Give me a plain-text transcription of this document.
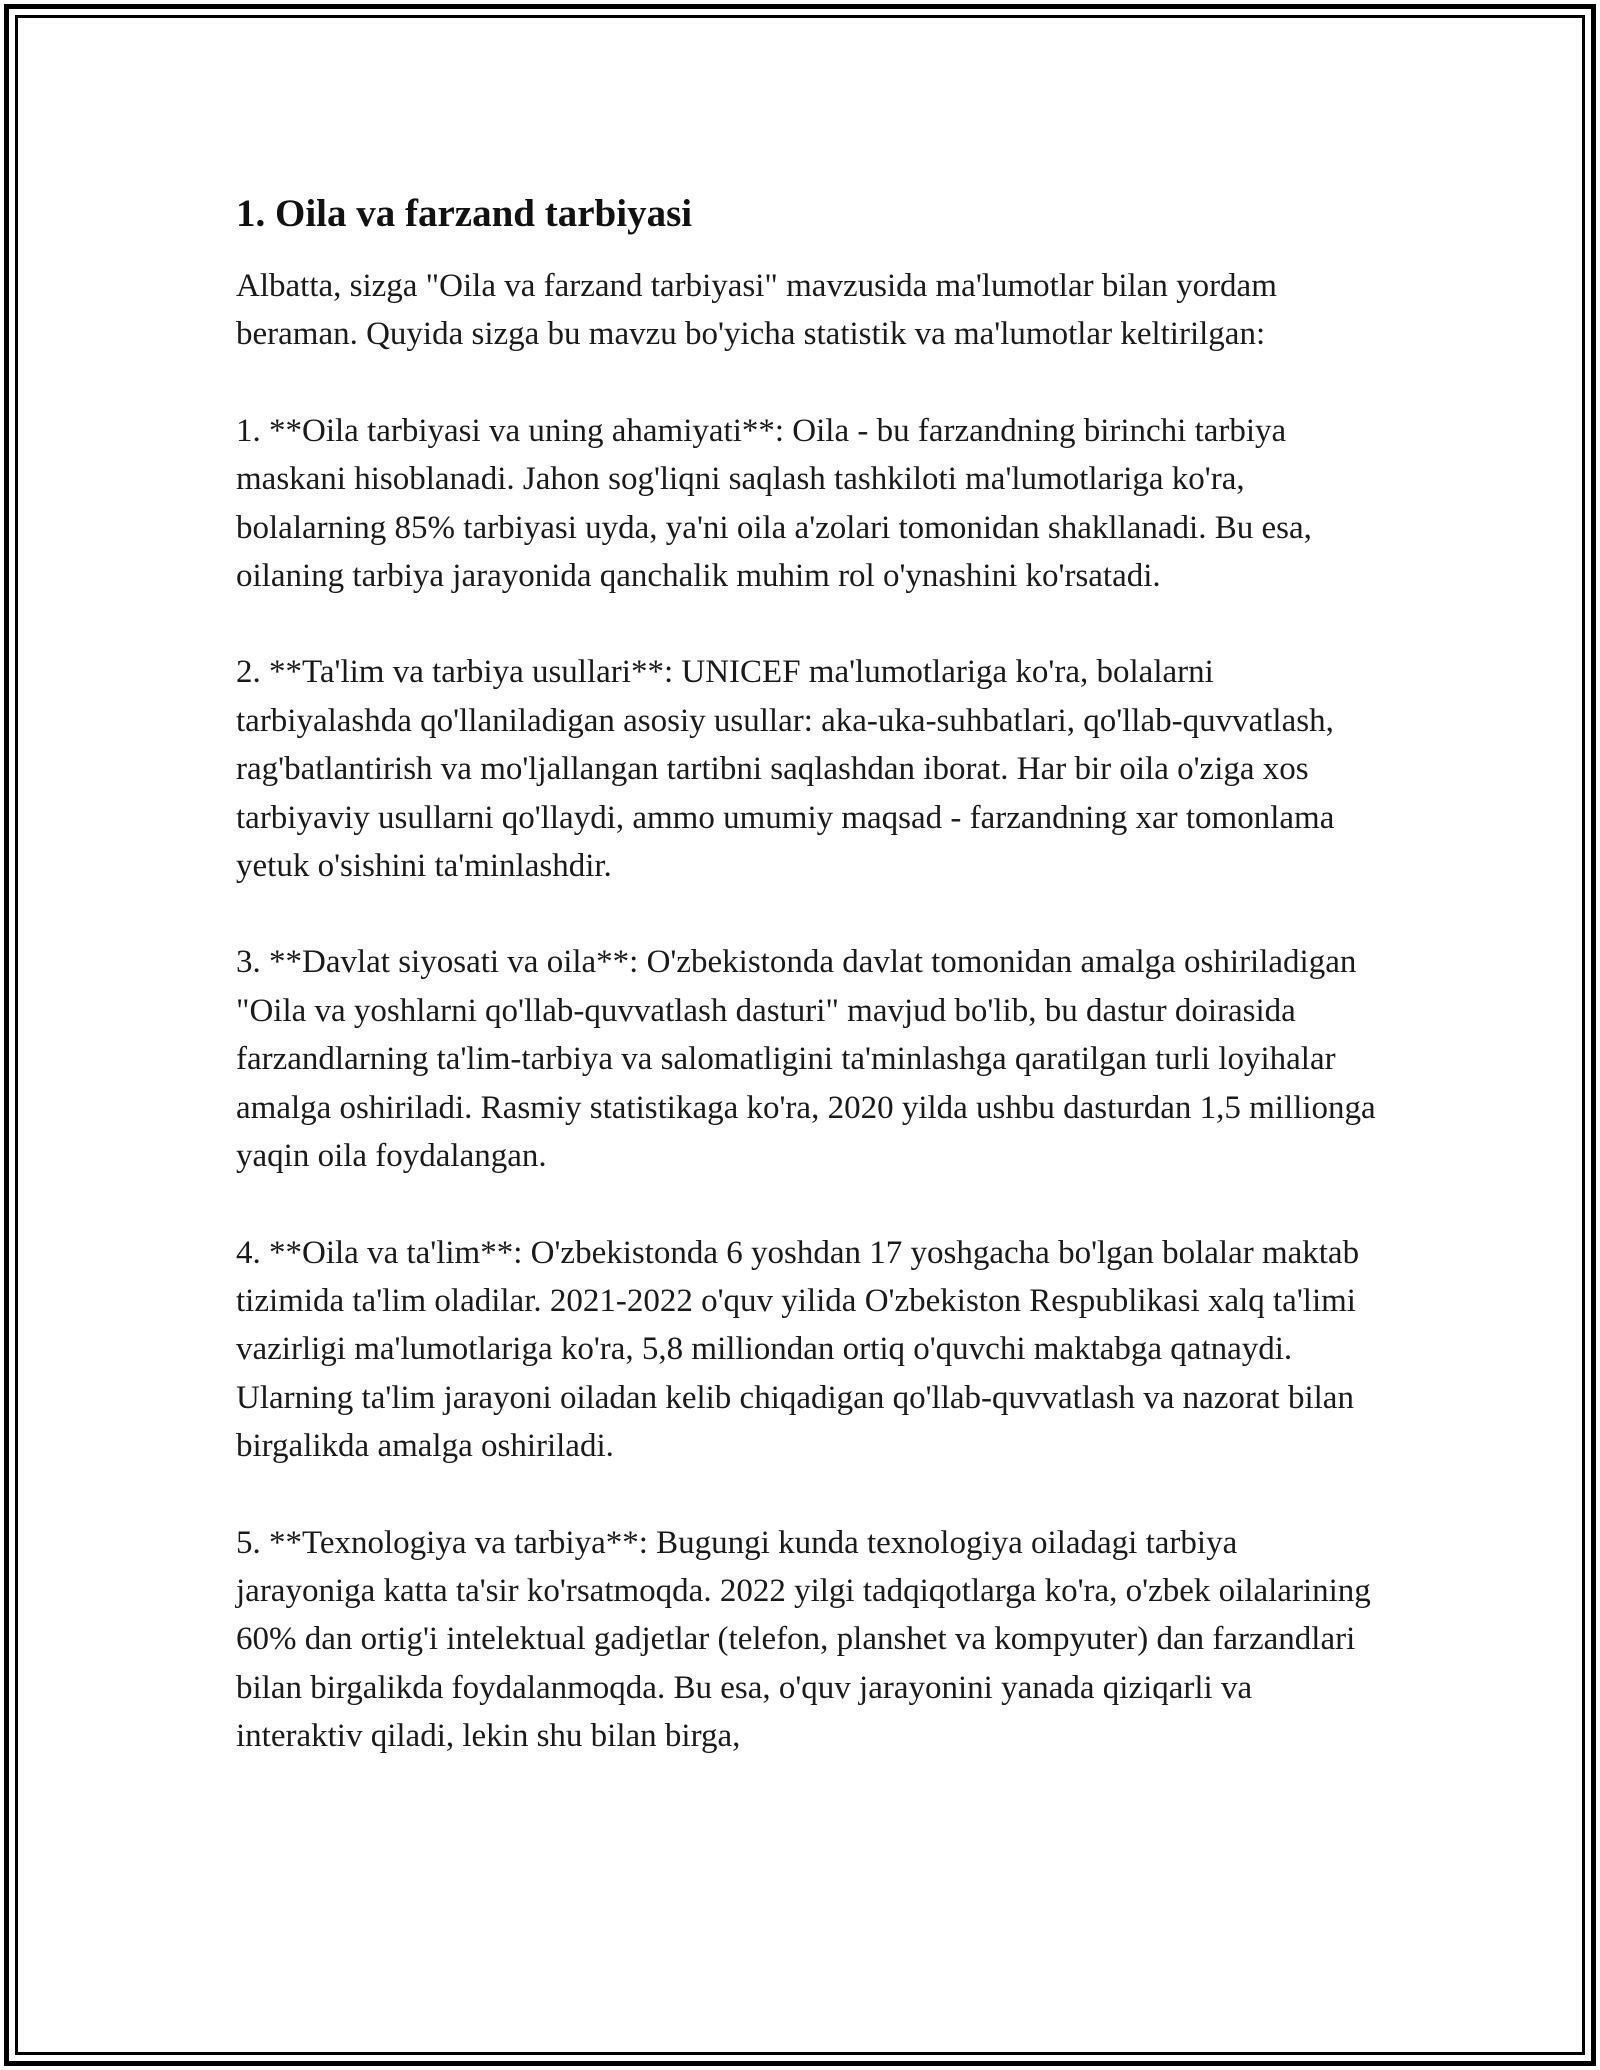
1. Oila va farzand tarbiyasi

Albatta, sizga "Oila va farzand tarbiyasi" mavzusida ma'lumotlar bilan yordam beraman. Quyida sizga bu mavzu bo'yicha statistik va ma'lumotlar keltirilgan:

1. **Oila tarbiyasi va uning ahamiyati**: Oila - bu farzandning birinchi tarbiya maskani hisoblanadi. Jahon sog'liqni saqlash tashkiloti ma'lumotlariga ko'ra, bolalarning 85% tarbiyasi uyda, ya'ni oila a'zolari tomonidan shakllanadi. Bu esa, oilaning tarbiya jarayonida qanchalik muhim rol o'ynashini ko'rsatadi.

2. **Ta'lim va tarbiya usullari**: UNICEF ma'lumotlariga ko'ra, bolalarni tarbiyalashda qo'llaniladigan asosiy usullar: aka-uka-suhbatlari, qo'llab-quvvatlash, rag'batlantirish va mo'ljallangan tartibni saqlashdan iborat. Har bir oila o'ziga xos tarbiyaviy usullarni qo'llaydi, ammo umumiy maqsad - farzandning xar tomonlama yetuk o'sishini ta'minlashdir.

3. **Davlat siyosati va oila**: O'zbekistonda davlat tomonidan amalga oshiriladigan "Oila va yoshlarni qo'llab-quvvatlash dasturi" mavjud bo'lib, bu dastur doirasida farzandlarning ta'lim-tarbiya va salomatligini ta'minlashga qaratilgan turli loyihalar amalga oshiriladi. Rasmiy statistikaga ko'ra, 2020 yilda ushbu dasturdan 1,5 millionga yaqin oila foydalangan.

4. **Oila va ta'lim**: O'zbekistonda 6 yoshdan 17 yoshgacha bo'lgan bolalar maktab tizimida ta'lim oladilar. 2021-2022 o'quv yilida O'zbekiston Respublikasi xalq ta'limi vazirligi ma'lumotlariga ko'ra, 5,8 milliondan ortiq o'quvchi maktabga qatnaydi. Ularning ta'lim jarayoni oiladan kelib chiqadigan qo'llab-quvvatlash va nazorat bilan birgalikda amalga oshiriladi.

5. **Texnologiya va tarbiya**: Bugungi kunda texnologiya oiladagi tarbiya jarayoniga katta ta'sir ko'rsatmoqda. 2022 yilgi tadqiqotlarga ko'ra, o'zbek oilalarining 60% dan ortig'i intelektual gadjetlar (telefon, planshet va kompyuter) dan farzandlari bilan birgalikda foydalanmoqda. Bu esa, o'quv jarayonini yanada qiziqarli va interaktiv qiladi, lekin shu bilan birga,
